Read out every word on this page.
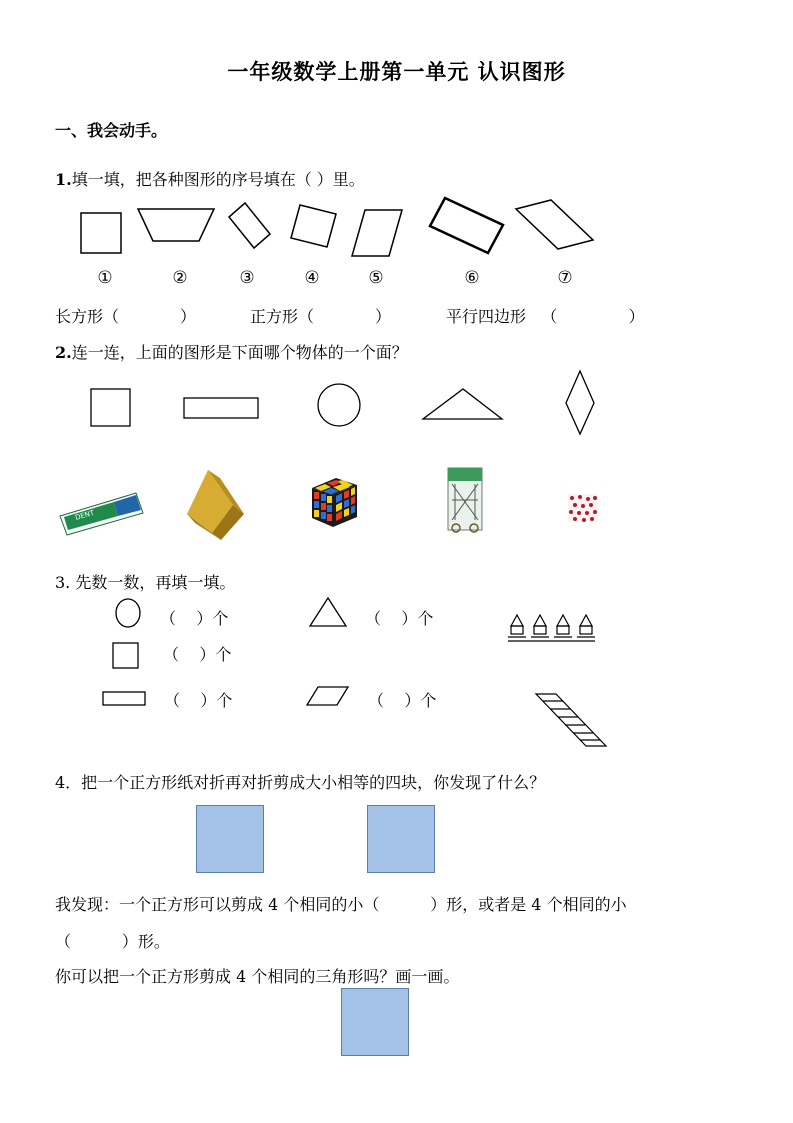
一年级数学上册第一单元 认识图形
一、我会动手。
1.填一填，把各种图形的序号填在（ ）里。
①	②	③	④	⑤	⑥	⑦
长方形（            ）	正方形（            ）	平行四边形   （              ）
2.连一连，上面的图形是下面哪个物体的一个面？
DENT
3. 先数一数，再填一填。
（    ）个	（    ）个
（    ）个
（    ）个	（    ）个
4．把一个正方形纸对折再对折剪成大小相等的四块，你发现了什么？
我发现：一个正方形可以剪成 4 个相同的小（          ）形，或者是 4 个相同的小
（          ）形。
你可以把一个正方形剪成 4 个相同的三角形吗？画一画。
